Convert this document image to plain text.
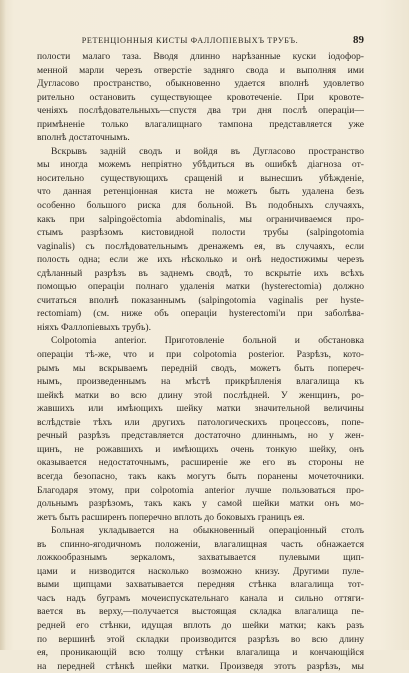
РЕТЕНЦIОННЫЯ КИСТЫ ФАЛЛОПIЕВЫХЪ ТРУБЪ.	89
полости малаго таза. Вводя длинно нарѣзанные куски iодофор-
менной марли черезъ отверстiе задняго свода и выполняя ими
Дугласово пространство, обыкновенно удается вполнѣ удовлетво
рительно остановить существующее кровотеченiе. При кровоте-
ченiяхъ послѣдовательныхъ—спустя два три дня послѣ операцiи—
примѣненiе только влагалищнаго тампона представляется уже
вполнѣ достаточнымъ.
Вскрывъ заднiй сводъ и войдя въ Дугласово пространство
мы иногда можемъ непрiятно убѣдиться въ ошибкѣ дiагноза от-
носительно существующихъ сращенiй и вынесшиъ убѣжденiе,
что данная ретенцiонная киста не можетъ быть удалена безъ
особенно большого риска для больной. Въ подобныхъ случаяхъ,
какъ при salpingoëctomia abdominalis, мы ограничиваемся про-
стымъ разрѣзомъ кистовидной полости трубы (salpingotomia
vaginalis) съ послѣдовательнымъ дренажемъ ея, въ случаяхъ, если
полость одна; если же ихъ нѣсколько и онѣ недостижимы черезъ
сдѣланный разрѣзъ въ заднемъ сводѣ, то вскрытiе ихъ всѣхъ
помощью операцiи полнаго удаленiя матки (hysterectomia) должно
считаться вполнѣ показаннымъ (salpingotomia vaginalis per hyste-
rectomiam) (см. ниже объ операцiи hysterectomi'и при заболѣва-
нiяхъ Фаллопiевыхъ трубъ).
Colpotomia anterior. Приготовленiе больной и обстановка
операцiи тѣ-же, что и при colpotomia posterior. Разрѣзъ, кото-
рымъ мы вскрываемъ переднiй сводъ, можетъ быть попереч-
нымъ, произведеннымъ на мѣстѣ прикрѣпленiя влагалища къ
шейкѣ матки во всю длину этой послѣдней. У женщинъ, ро-
жавшихъ или имѣющихъ шейку матки значительной величины
вслѣдствiе тѣхъ или другихъ патологическихъ процессовъ, попе-
речный разрѣзъ представляется достаточно длиннымъ, но у жен-
щинъ, не рожавшихъ и имѣющихъ очень тонкую шейку, онъ
оказывается недостаточнымъ, расширенiе же его въ стороны не
всегда безопасно, такъ какъ могутъ быть поранены мочеточники.
Благодаря этому, при colpotomia anterior лучше пользоваться про-
дольнымъ разрѣзомъ, такъ какъ у самой шейки матки онъ мо-
жетъ быть расширенъ поперечно вплоть до боковыхъ границъ ея.
Больная укладывается на обыкновенный операцiонный столъ
въ спинно-ягодичномъ положенiи, влагалищная часть обнажается
ложкообразнымъ зеркаломъ, захватывается пулевыми щип-
цами и низводится насколько возможно книзу. Другими пуле-
выми щипцами захватывается передняя стѣнка влагалища тот-
часъ надъ буграмъ мочеиспускательнаго канала и сильно оттяги-
вается въ верху,—получается выстоящая складка влагалища пе-
редней его стѣнки, идущая вплоть до шейки матки; какъ разъ
по вершинѣ этой складки производится разрѣзъ во всю длину
ея, проникающiй всю толщу стѣнки влагалища и кончающiйся
на передней стѣнкѣ шейки матки. Произведя этотъ разрѣзъ, мы
